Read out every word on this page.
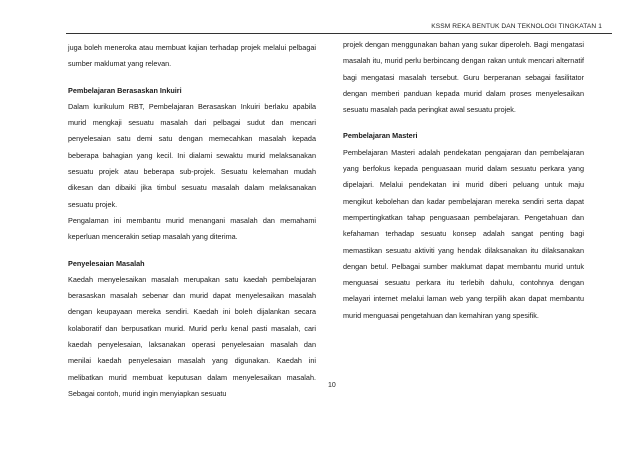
KSSM REKA BENTUK DAN TEKNOLOGI TINGKATAN 1

juga boleh meneroka atau membuat kajian terhadap projek melalui pelbagai sumber maklumat yang relevan.

Pembelajaran Berasaskan Inkuiri

Dalam kurikulum RBT, Pembelajaran Berasaskan Inkuiri berlaku apabila murid mengkaji sesuatu masalah dari pelbagai sudut dan mencari penyelesaian satu demi satu dengan memecahkan masalah kepada beberapa bahagian yang kecil. Ini dialami sewaktu murid melaksanakan sesuatu projek atau beberapa sub-projek. Sesuatu kelemahan mudah dikesan dan dibaiki jika timbul sesuatu masalah dalam melaksanakan sesuatu projek.

Pengalaman ini membantu murid menangani masalah dan memahami keperluan mencerakin setiap masalah yang diterima.

Penyelesaian Masalah

Kaedah menyelesaikan masalah merupakan satu kaedah pembelajaran berasaskan masalah sebenar dan murid dapat menyelesaikan masalah dengan keupayaan mereka sendiri. Kaedah ini boleh dijalankan secara kolaboratif dan berpusatkan murid. Murid perlu kenal pasti masalah, cari kaedah penyelesaian, laksanakan operasi penyelesaian masalah dan menilai kaedah penyelesaian masalah yang digunakan. Kaedah ini melibatkan murid membuat keputusan dalam menyelesaikan masalah. Sebagai contoh, murid ingin menyiapkan sesuatu

projek dengan menggunakan bahan yang sukar diperoleh. Bagi mengatasi masalah itu, murid perlu berbincang dengan rakan untuk mencari alternatif bagi mengatasi masalah tersebut. Guru berperanan sebagai fasilitator dengan memberi panduan kepada murid dalam proses menyelesaikan sesuatu masalah pada peringkat awal sesuatu projek.

Pembelajaran Masteri

Pembelajaran Masteri adalah pendekatan pengajaran dan pembelajaran yang berfokus kepada penguasaan murid dalam sesuatu perkara yang dipelajari. Melalui pendekatan ini murid diberi peluang untuk maju mengikut kebolehan dan kadar pembelajaran mereka sendiri serta dapat mempertingkatkan tahap penguasaan pembelajaran. Pengetahuan dan kefahaman terhadap sesuatu konsep adalah sangat penting bagi memastikan sesuatu aktiviti yang hendak dilaksanakan itu dilaksanakan dengan betul. Pelbagai sumber maklumat dapat membantu murid untuk menguasai sesuatu perkara itu terlebih dahulu, contohnya dengan melayari internet melalui laman web yang terpilih akan dapat membantu murid menguasai pengetahuan dan kemahiran yang spesifik.

10
